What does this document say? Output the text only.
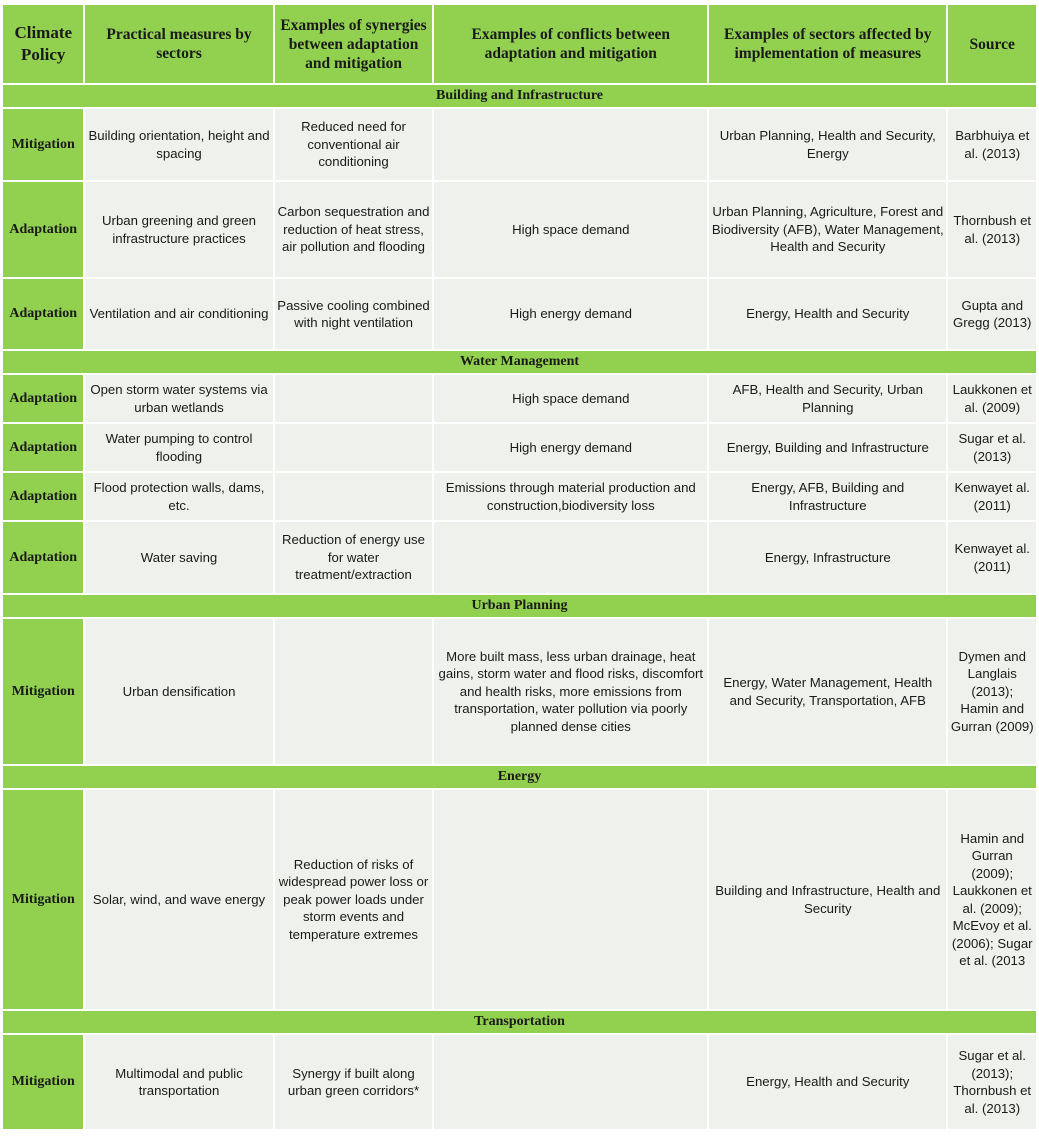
Climate Policy	Practical measures by sectors	Examples of synergies between adaptation and mitigation	Examples of conflicts between adaptation and mitigation	Examples of sectors affected by implementation of measures	Source
Building and Infrastructure					
Mitigation	Building orientation, height and spacing	Reduced need for conventional air conditioning		Urban Planning, Health and Security, Energy	Barbhuiya et al. (2013)
Adaptation	Urban greening and green infrastructure practices	Carbon sequestration and reduction of heat stress, air pollution and flooding	High space demand	Urban Planning, Agriculture, Forest and Biodiversity (AFB), Water Management, Health and Security	Thornbush et al. (2013)
Adaptation	Ventilation and air conditioning	Passive cooling combined with night ventilation	High energy demand	Energy, Health and Security	Gupta and Gregg (2013)
Water Management					
Adaptation	Open storm water systems via urban wetlands		High space demand	AFB, Health and Security, Urban Planning	Laukkonen et al. (2009)
Adaptation	Water pumping to control flooding		High energy demand	Energy, Building and Infrastructure	Sugar et al. (2013)
Adaptation	Flood protection walls, dams, etc.		Emissions through material production and construction,biodiversity loss	Energy, AFB, Building and Infrastructure	Kenwayet al. (2011)
Adaptation	Water saving	Reduction of energy use for water treatment/extraction		Energy, Infrastructure	Kenwayet al. (2011)
Urban Planning					
Mitigation	Urban densification		More built mass, less urban drainage, heat gains, storm water and flood risks, discomfort and health risks, more emissions from transportation, water pollution via poorly planned dense cities	Energy, Water Management, Health and Security, Transportation, AFB	Dymen and Langlais (2013); Hamin and Gurran (2009)
Energy					
Mitigation	Solar, wind, and wave energy	Reduction of risks of widespread power loss or peak power loads under storm events and temperature extremes		Building and Infrastructure, Health and Security	Hamin and Gurran (2009); Laukkonen et al. (2009); McEvoy et al. (2006); Sugar et al. (2013
Transportation					
Mitigation	Multimodal and public transportation	Synergy if built along urban green corridors*		Energy, Health and Security	Sugar et al. (2013); Thornbush et al. (2013)
